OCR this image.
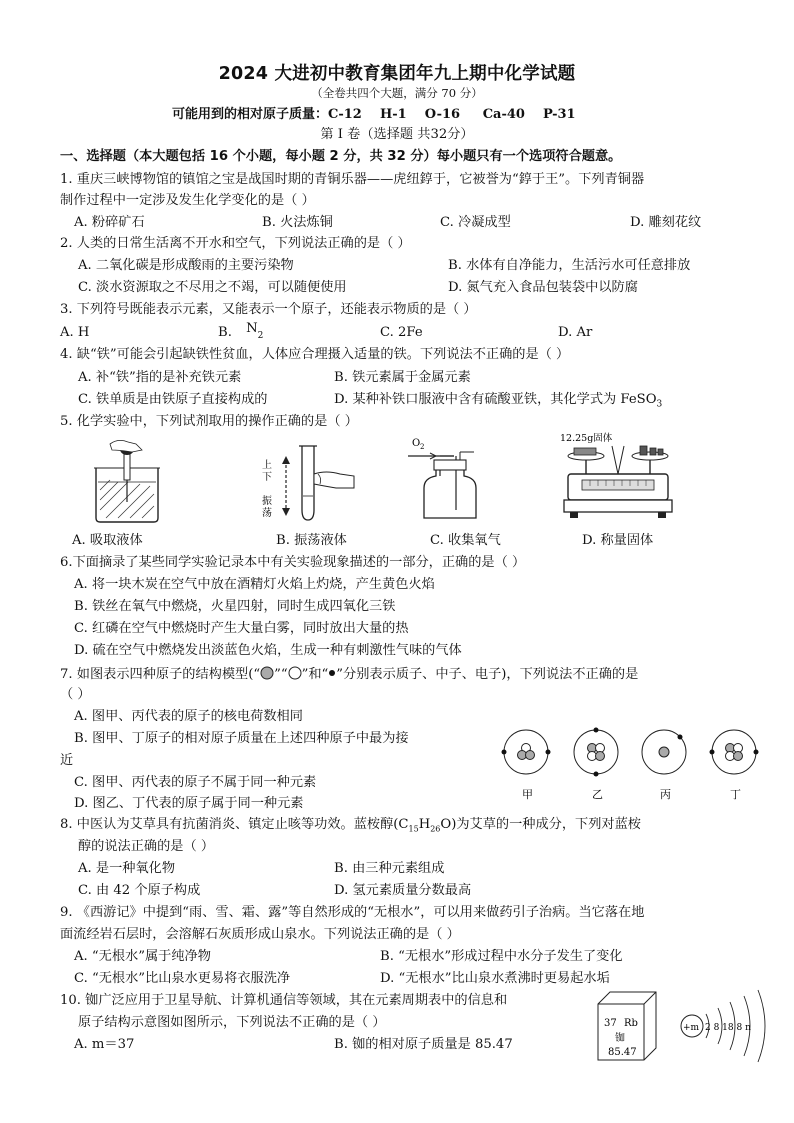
2024 大进初中教育集团年九上期中化学试题
（全卷共四个大题，满分 70 分）
可能用到的相对原子质量：C-12    H-1    O-16     Ca-40    P-31
第 I 卷（选择题 共32分）
一、选择题（本大题包括 16 个小题，每小题 2 分，共 32 分）每小题只有一个选项符合题意。
1. 重庆三峡博物馆的镇馆之宝是战国时期的青铜乐器——虎纽錞于，它被誉为“錞于王”。下列青铜器
制作过程中一定涉及发生化学变化的是（ ）
A. 粉碎矿石	B. 火法炼铜	C. 冷凝成型	D. 雕刻花纹
2. 人类的日常生活离不开水和空气，下列说法正确的是（ ）
A. 二氧化碳是形成酸雨的主要污染物	B. 水体有自净能力，生活污水可任意排放
C. 淡水资源取之不尽用之不竭，可以随便使用	D. 氮气充入食品包装袋中以防腐
3. 下列符号既能表示元素，又能表示一个原子，还能表示物质的是（ ）
A. H	B. $N_2$	C. 2Fe	D. Ar
4. 缺“铁”可能会引起缺铁性贫血，人体应合理摄入适量的铁。下列说法不正确的是（ ）
A. 补“铁”指的是补充铁元素	B. 铁元素属于金属元素
C. 铁单质是由铁原子直接构成的	D. 某种补铁口服液中含有硫酸亚铁，其化学式为 FeSO$_3$
5. 化学实验中，下列试剂取用的操作正确的是（ ）
上
下
振
荡
O 2
12.25g固体
A. 吸取液体	B. 振荡液体	C. 收集氧气	D. 称量固体
6.下面摘录了某些同学实验记录本中有关实验现象描述的一部分，正确的是（ ）
A. 将一块木炭在空气中放在酒精灯火焰上灼烧，产生黄色火焰
B. 铁丝在氧气中燃烧，火星四射，同时生成四氧化三铁
C. 红磷在空气中燃烧时产生大量白雾，同时放出大量的热
D. 硫在空气中燃烧发出淡蓝色火焰，生成一种有刺激性气味的气体
7. 如图表示四种原子的结构模型(“ ”“ ”和“ ”分别表示质子、中子、电子)，下列说法不正确的是
（ ）
A. 图甲、丙代表的原子的核电荷数相同
B. 图甲、丁原子的相对原子质量在上述四种原子中最为接
近
C. 图甲、丙代表的原子不属于同一种元素
D. 图乙、丁代表的原子属于同一种元素
甲	乙	丙	丁
8. 中医认为艾草具有抗菌消炎、镇定止咳等功效。蓝桉醇$(C_{15}H_{26}O)$为艾草的一种成分，下列对蓝桉
醇的说法正确的是（ ）
A. 是一种氧化物	B. 由三种元素组成
C. 由 42 个原子构成	D. 氢元素质量分数最高
9. 《西游记》中提到“雨、雪、霜、露”等自然形成的“无根水”，可以用来做药引子治病。当它落在地
面流经岩石层时，会溶解石灰质形成山泉水。下列说法正确的是（ ）
A. “无根水”属于纯净物	B. “无根水”形成过程中水分子发生了变化
C. “无根水”比山泉水更易将衣服洗净	D. “无根水”比山泉水煮沸时更易起水垢
10. 铷广泛应用于卫星导航、计算机通信等领域，其在元素周期表中的信息和
原子结构示意图如图所示，下列说法不正确的是（ ）
A. m＝37	B. 铷的相对原子质量是 85.47
37 Rb
铷
85.47
+m 2 8 18 8 n
